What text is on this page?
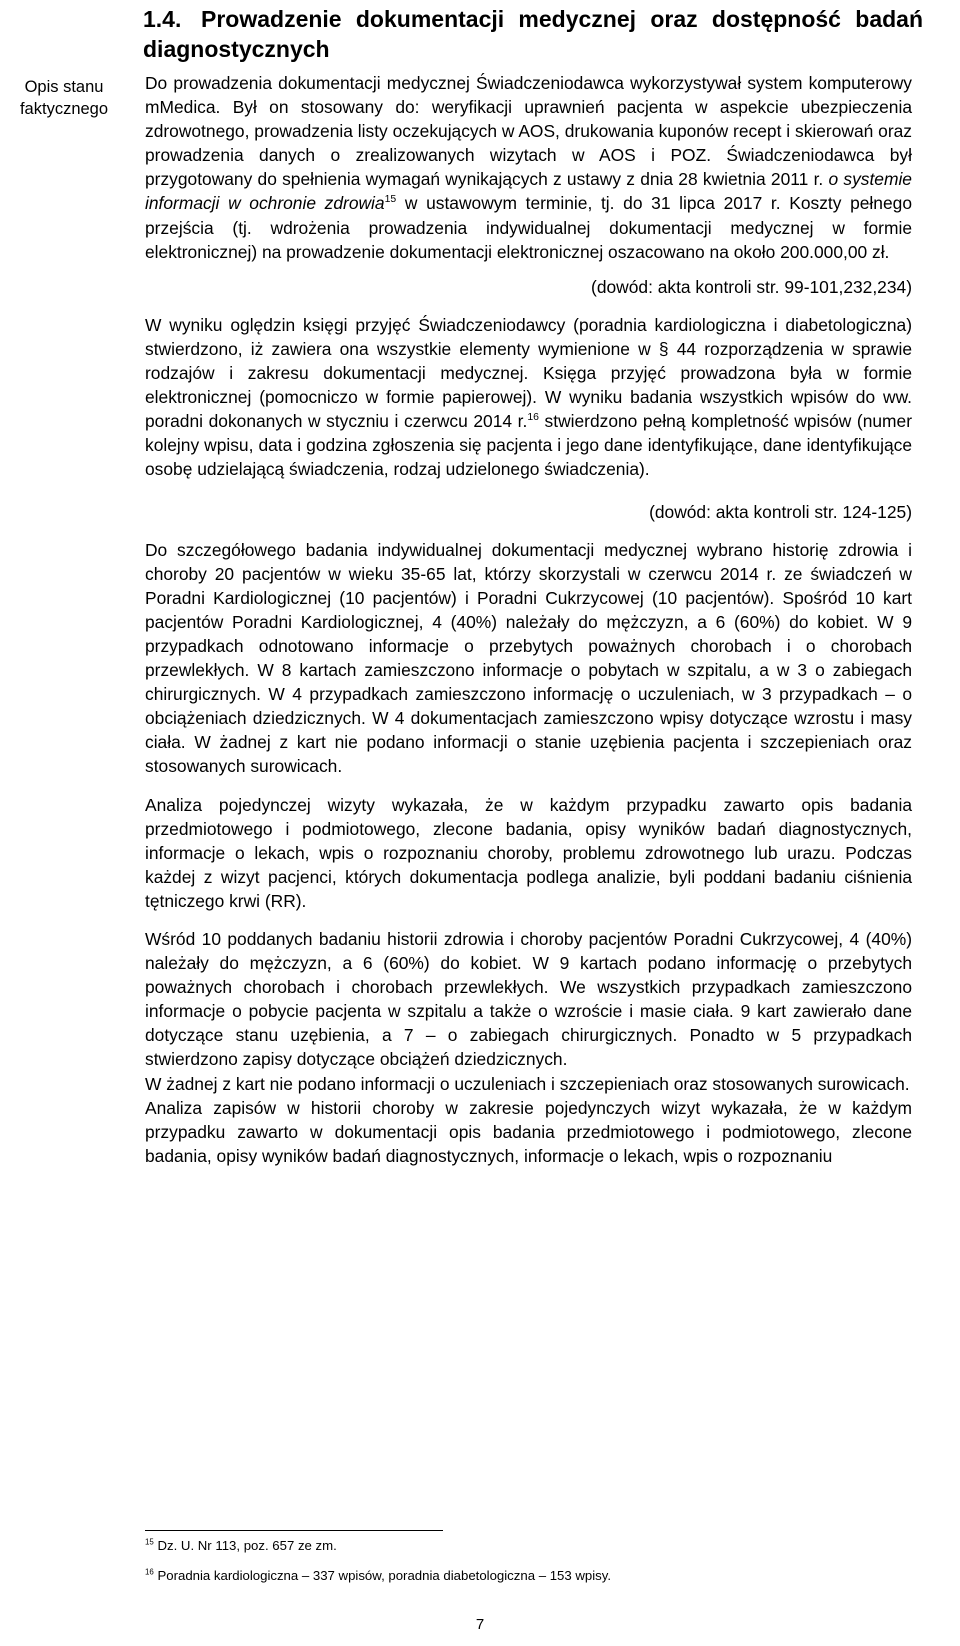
1.4. Prowadzenie dokumentacji medycznej oraz dostępność badań diagnostycznych
Opis stanu faktycznego

Do prowadzenia dokumentacji medycznej Świadczeniodawca wykorzystywał system komputerowy mMedica. Był on stosowany do: weryfikacji uprawnień pacjenta w aspekcie ubezpieczenia zdrowotnego, prowadzenia listy oczekujących w AOS, drukowania kuponów recept i skierowań oraz prowadzenia danych o zrealizowanych wizytach w AOS i POZ. Świadczeniodawca był przygotowany do spełnienia wymagań wynikających z ustawy z dnia 28 kwietnia 2011 r. o systemie informacji w ochronie zdrowia$^{15}$ w ustawowym terminie, tj. do 31 lipca 2017 r. Koszty pełnego przejścia (tj. wdrożenia prowadzenia indywidualnej dokumentacji medycznej w formie elektronicznej) na prowadzenie dokumentacji elektronicznej oszacowano na około 200.000,00 zł.

(dowód: akta kontroli str. 99-101,232,234)

W wyniku oględzin księgi przyjęć Świadczeniodawcy (poradnia kardiologiczna i diabetologiczna) stwierdzono, iż zawiera ona wszystkie elementy wymienione w § 44 rozporządzenia w sprawie rodzajów i zakresu dokumentacji medycznej. Księga przyjęć prowadzona była w formie elektronicznej (pomocniczo w formie papierowej). W wyniku badania wszystkich wpisów do ww. poradni dokonanych w styczniu i czerwcu 2014 r.$^{16}$ stwierdzono pełną kompletność wpisów (numer kolejny wpisu, data i godzina zgłoszenia się pacjenta i jego dane identyfikujące, dane identyfikujące osobę udzielającą świadczenia, rodzaj udzielonego świadczenia).

(dowód: akta kontroli str. 124-125)

Do szczegółowego badania indywidualnej dokumentacji medycznej wybrano historię zdrowia i choroby 20 pacjentów w wieku 35-65 lat, którzy skorzystali w czerwcu 2014 r. ze świadczeń w Poradni Kardiologicznej (10 pacjentów) i Poradni Cukrzycowej (10 pacjentów). Spośród 10 kart pacjentów Poradni Kardiologicznej, 4 (40%) należały do mężczyzn, a 6 (60%) do kobiet. W 9 przypadkach odnotowano informacje o przebytych poważnych chorobach i o chorobach przewlekłych. W 8 kartach zamieszczono informacje o pobytach w szpitalu, a w 3 o zabiegach chirurgicznych. W 4 przypadkach zamieszczono informację o uczuleniach, w 3 przypadkach – o obciążeniach dziedzicznych. W 4 dokumentacjach zamieszczono wpisy dotyczące wzrostu i masy ciała. W żadnej z kart nie podano informacji o stanie uzębienia pacjenta i szczepieniach oraz stosowanych surowicach.

Analiza pojedynczej wizyty wykazała, że w każdym przypadku zawarto opis badania przedmiotowego i podmiotowego, zlecone badania, opisy wyników badań diagnostycznych, informacje o lekach, wpis o rozpoznaniu choroby, problemu zdrowotnego lub urazu. Podczas każdej z wizyt pacjenci, których dokumentacja podlega analizie, byli poddani badaniu ciśnienia tętniczego krwi (RR).

Wśród 10 poddanych badaniu historii zdrowia i choroby pacjentów Poradni Cukrzycowej, 4 (40%) należały do mężczyzn, a 6 (60%) do kobiet. W 9 kartach podano informację o przebytych poważnych chorobach i chorobach przewlekłych. We wszystkich przypadkach zamieszczono informacje o pobycie pacjenta w szpitalu a także o wzroście i masie ciała. 9 kart zawierało dane dotyczące stanu uzębienia, a 7 – o zabiegach chirurgicznych. Ponadto w 5 przypadkach stwierdzono zapisy dotyczące obciążeń dziedzicznych.

W żadnej z kart nie podano informacji o uczuleniach i szczepieniach oraz stosowanych surowicach.

Analiza zapisów w historii choroby w zakresie pojedynczych wizyt wykazała, że w każdym przypadku zawarto w dokumentacji opis badania przedmiotowego i podmiotowego, zlecone badania, opisy wyników badań diagnostycznych, informacje o lekach, wpis o rozpoznaniu

$^{15}$ Dz. U. Nr 113, poz. 657 ze zm.
$^{16}$ Poradnia kardiologiczna – 337 wpisów, poradnia diabetologiczna – 153 wpisy.
7
